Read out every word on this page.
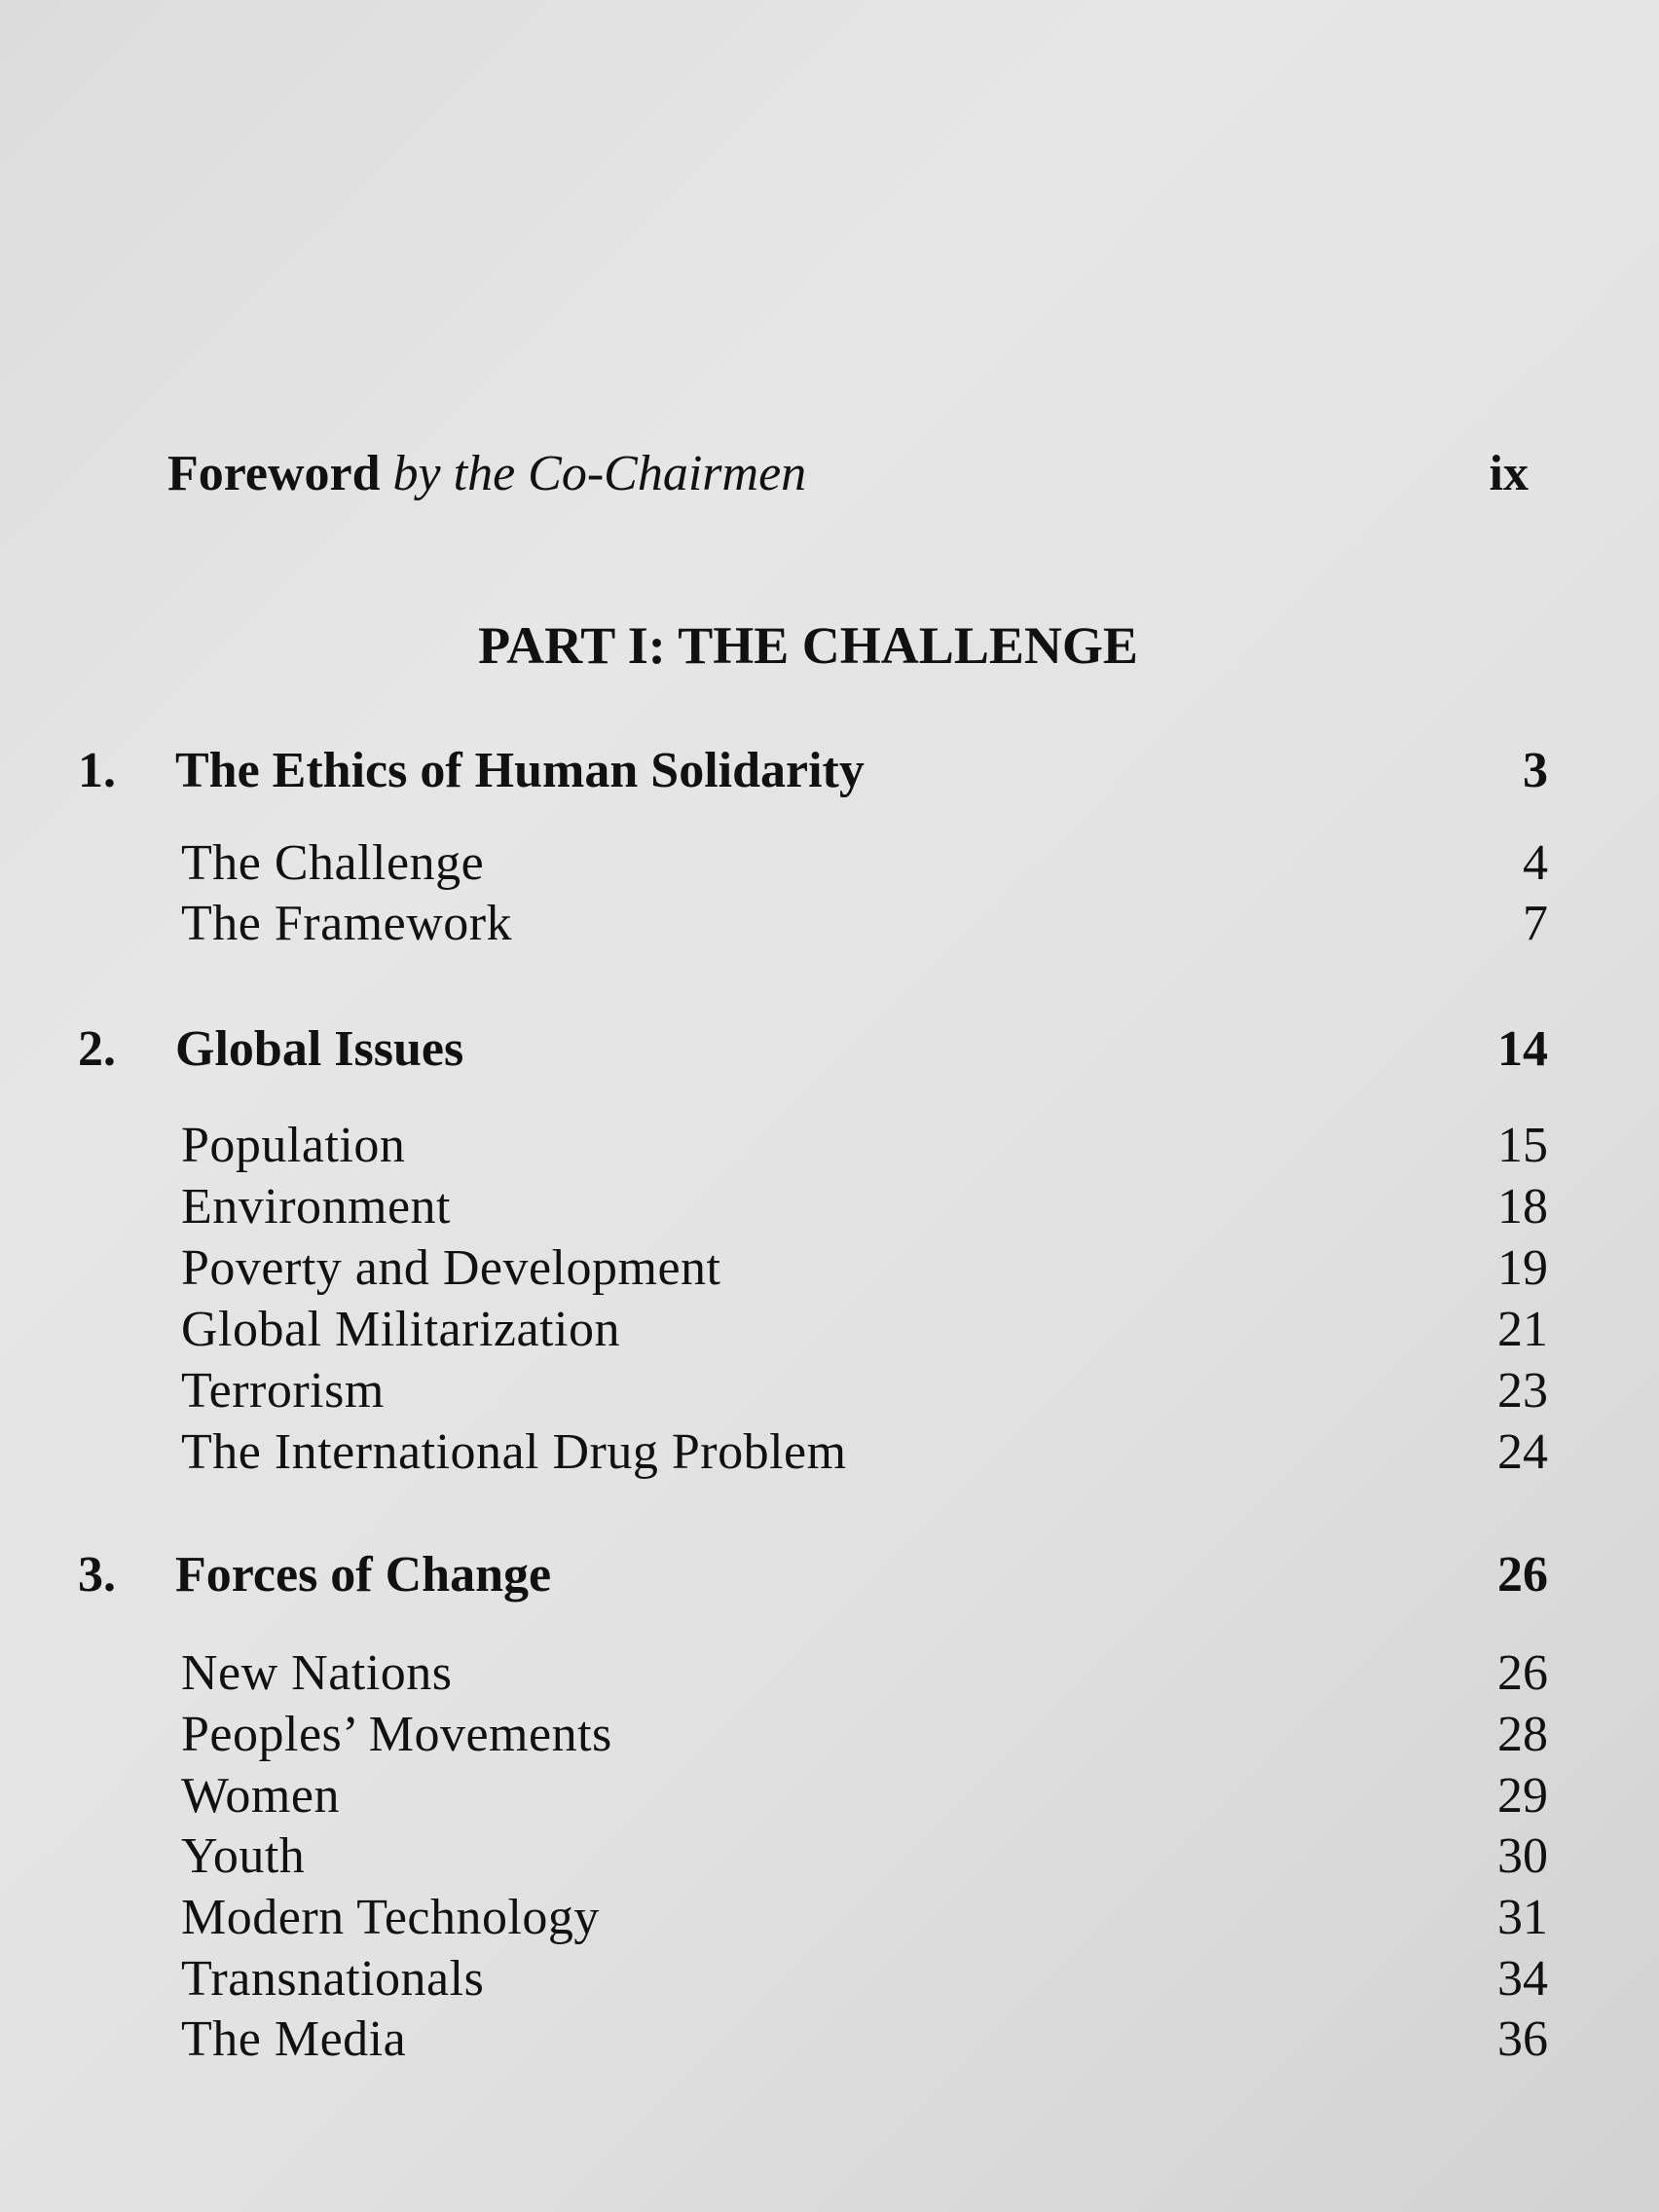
Foreword by the Co-Chairmen	ix
PART I: THE CHALLENGE
1. The Ethics of Human Solidarity	3
The Challenge	4
The Framework	7
2. Global Issues	14
Population	15
Environment	18
Poverty and Development	19
Global Militarization	21
Terrorism	23
The International Drug Problem	24
3. Forces of Change	26
New Nations	26
Peoples’ Movements	28
Women	29
Youth	30
Modern Technology	31
Transnationals	34
The Media	36
